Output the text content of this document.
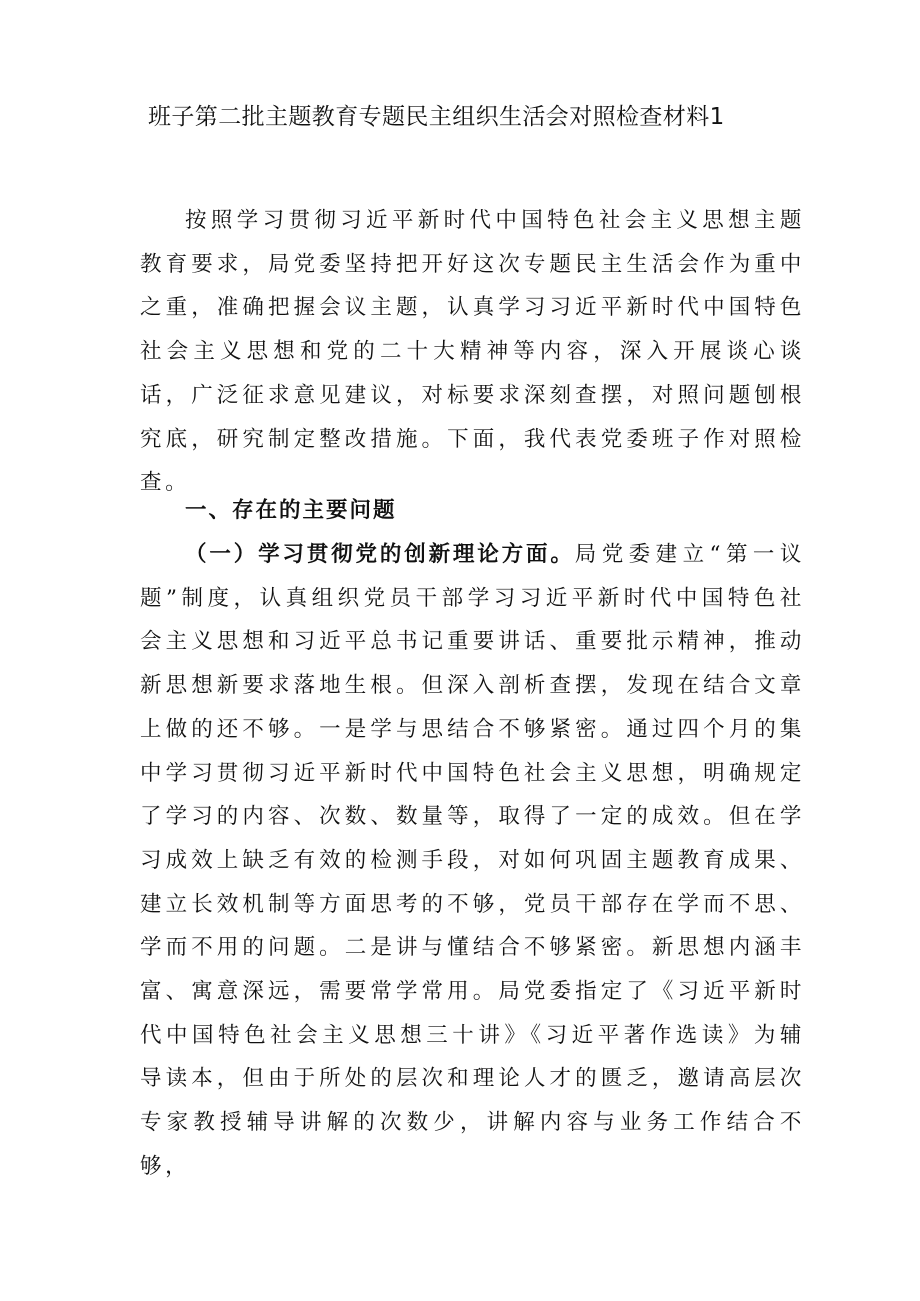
班子第二批主题教育专题民主组织生活会对照检查材料1

按照学习贯彻习近平新时代中国特色社会主义思想主题教育要求，局党委坚持把开好这次专题民主生活会作为重中之重，准确把握会议主题，认真学习习近平新时代中国特色社会主义思想和党的二十大精神等内容，深入开展谈心谈话，广泛征求意见建议，对标要求深刻查摆，对照问题刨根究底，研究制定整改措施。下面，我代表党委班子作对照检查。

一、存在的主要问题

（一）学习贯彻党的创新理论方面。局党委建立“第一议题”制度，认真组织党员干部学习习近平新时代中国特色社会主义思想和习近平总书记重要讲话、重要批示精神，推动新思想新要求落地生根。但深入剖析查摆，发现在结合文章上做的还不够。一是学与思结合不够紧密。通过四个月的集中学习贯彻习近平新时代中国特色社会主义思想，明确规定了学习的内容、次数、数量等，取得了一定的成效。但在学习成效上缺乏有效的检测手段，对如何巩固主题教育成果、建立长效机制等方面思考的不够，党员干部存在学而不思、学而不用的问题。二是讲与懂结合不够紧密。新思想内涵丰富、寓意深远，需要常学常用。局党委指定了《习近平新时代中国特色社会主义思想三十讲》《习近平著作选读》为辅导读本，但由于所处的层次和理论人才的匮乏，邀请高层次专家教授辅导讲解的次数少，讲解内容与业务工作结合不够，
